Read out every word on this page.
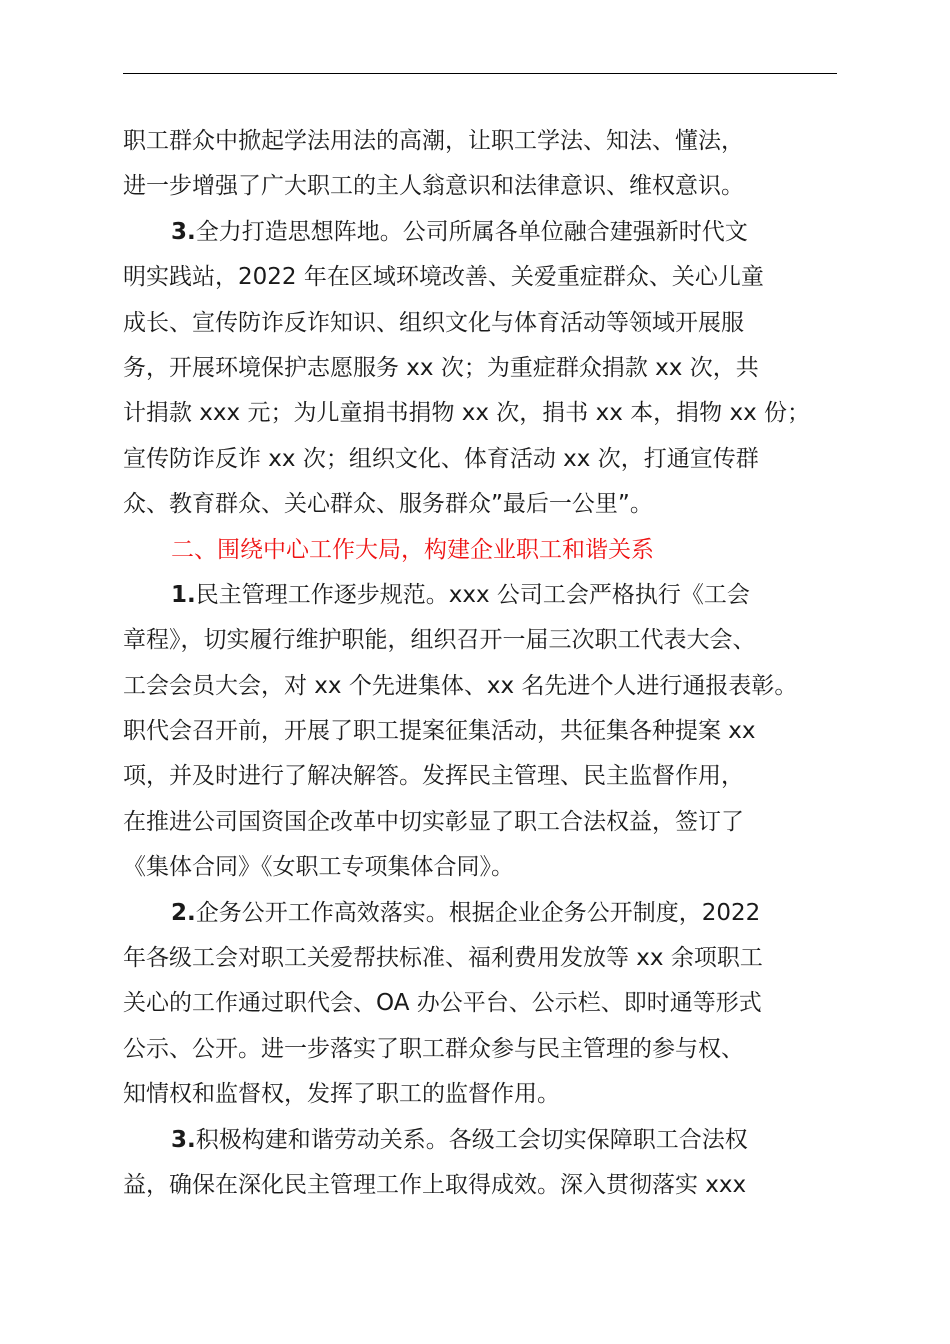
职工群众中掀起学法用法的高潮，让职工学法、知法、懂法，
进一步增强了广大职工的主人翁意识和法律意识、维权意识。
3.全力打造思想阵地。公司所属各单位融合建强新时代文
明实践站，2022 年在区域环境改善、关爱重症群众、关心儿童
成长、宣传防诈反诈知识、组织文化与体育活动等领域开展服
务，开展环境保护志愿服务 xx 次；为重症群众捐款 xx 次，共
计捐款 xxx 元；为儿童捐书捐物 xx 次，捐书 xx 本，捐物 xx 份；
宣传防诈反诈 xx 次；组织文化、体育活动 xx 次，打通宣传群
众、教育群众、关心群众、服务群众”最后一公里”。
二、围绕中心工作大局，构建企业职工和谐关系
1.民主管理工作逐步规范。xxx 公司工会严格执行《工会
章程》，切实履行维护职能，组织召开一届三次职工代表大会、
工会会员大会，对 xx 个先进集体、xx 名先进个人进行通报表彰。
职代会召开前，开展了职工提案征集活动，共征集各种提案 xx
项，并及时进行了解决解答。发挥民主管理、民主监督作用，
在推进公司国资国企改革中切实彰显了职工合法权益，签订了
《集体合同》《女职工专项集体合同》。
2.企务公开工作高效落实。根据企业企务公开制度，2022
年各级工会对职工关爱帮扶标准、福利费用发放等 xx 余项职工
关心的工作通过职代会、OA 办公平台、公示栏、即时通等形式
公示、公开。进一步落实了职工群众参与民主管理的参与权、
知情权和监督权，发挥了职工的监督作用。
3.积极构建和谐劳动关系。各级工会切实保障职工合法权
益，确保在深化民主管理工作上取得成效。深入贯彻落实 xxx
